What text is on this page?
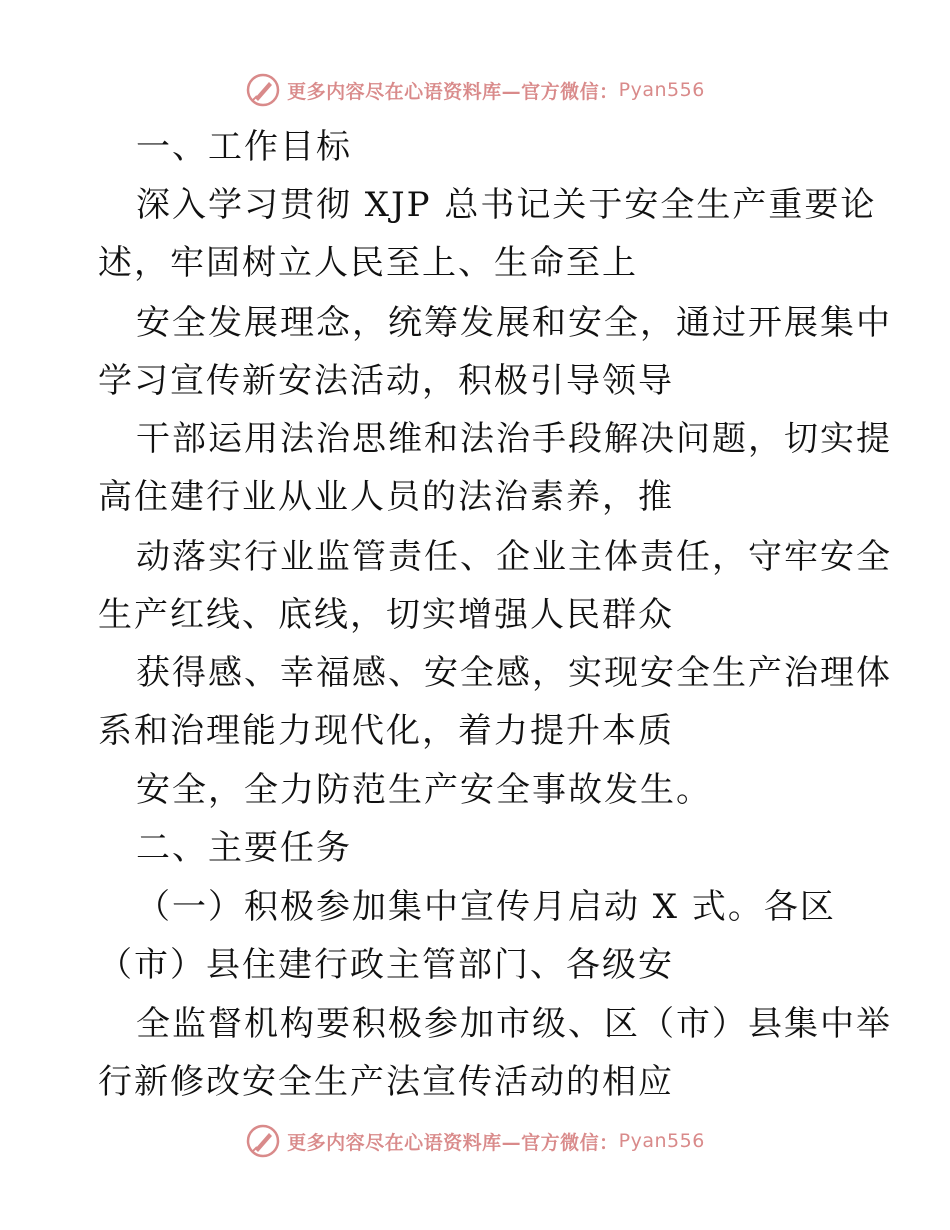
更多内容尽在心语资料库—官方微信： Pyan556
一、工作目标
深入学习贯彻 XJP 总书记关于安全生产重要论
述，牢固树立人民至上、生命至上
安全发展理念，统筹发展和安全，通过开展集中
学习宣传新安法活动，积极引导领导
干部运用法治思维和法治手段解决问题，切实提
高住建行业从业人员的法治素养，推
动落实行业监管责任、企业主体责任，守牢安全
生产红线、底线，切实增强人民群众
获得感、幸福感、安全感，实现安全生产治理体
系和治理能力现代化，着力提升本质
安全，全力防范生产安全事故发生。
二、主要任务
（一）积极参加集中宣传月启动 X 式。各区
（市）县住建行政主管部门、各级安
全监督机构要积极参加市级、区（市）县集中举
行新修改安全生产法宣传活动的相应
更多内容尽在心语资料库—官方微信： Pyan556
